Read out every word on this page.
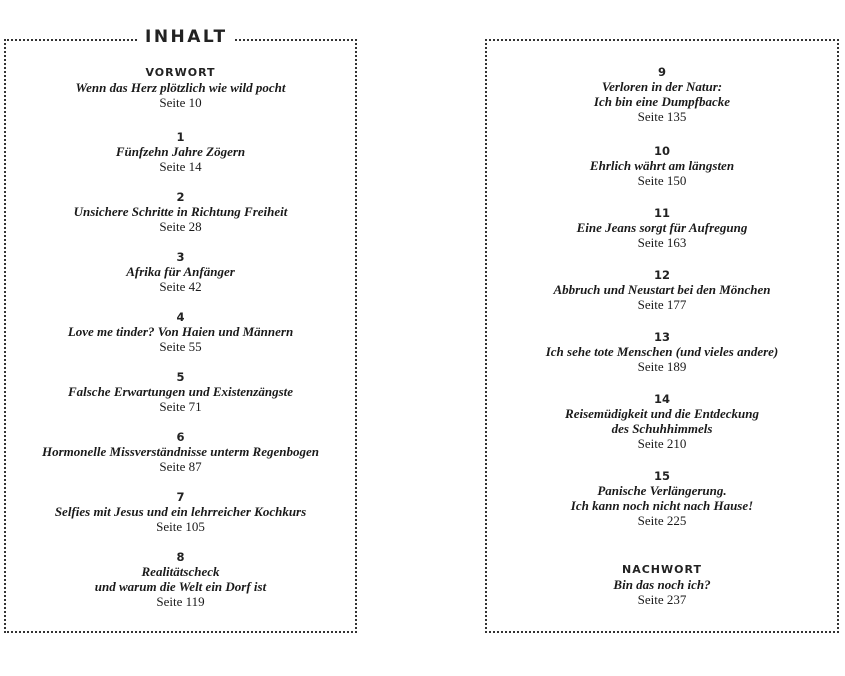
VORWORT
Wenn das Herz plötzlich wie wild pocht
Seite 10
1
Fünfzehn Jahre Zögern
Seite 14
2
Unsichere Schritte in Richtung Freiheit
Seite 28
3
Afrika für Anfänger
Seite 42
4
Love me tinder? Von Haien und Männern
Seite 55
5
Falsche Erwartungen und Existenzängste
Seite 71
6
Hormonelle Missverständnisse unterm Regenbogen
Seite 87
7
Selfies mit Jesus und ein lehrreicher Kochkurs
Seite 105
8
Realitätscheck
und warum die Welt ein Dorf ist
Seite 119
INHALT
9
Verloren in der Natur:
Ich bin eine Dumpfbacke
Seite 135
10
Ehrlich währt am längsten
Seite 150
11
Eine Jeans sorgt für Aufregung
Seite 163
12
Abbruch und Neustart bei den Mönchen
Seite 177
13
Ich sehe tote Menschen (und vieles andere)
Seite 189
14
Reisemüdigkeit und die Entdeckung
des Schuhhimmels
Seite 210
15
Panische Verlängerung.
Ich kann noch nicht nach Hause!
Seite 225
NACHWORT
Bin das noch ich?
Seite 237
